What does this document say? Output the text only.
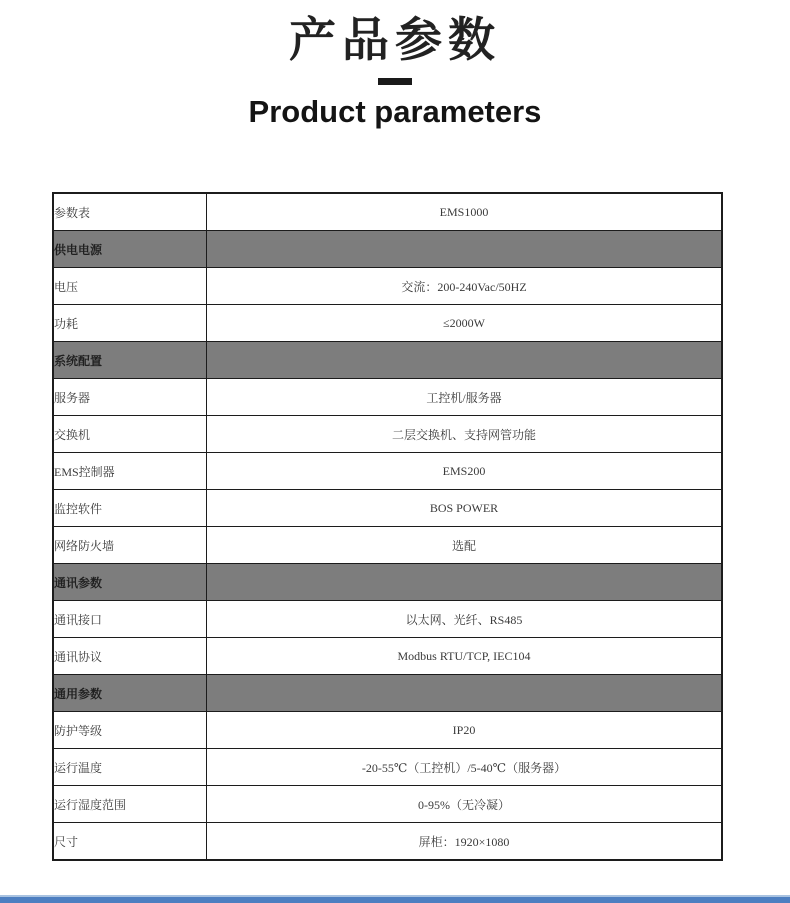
产品参数
Product parameters
参数表	EMS1000
供电电源	
电压	交流：200-240Vac/50HZ
功耗	≤2000W
系统配置	
服务器	工控机/服务器
交换机	二层交换机、支持网管功能
EMS控制器	EMS200
监控软件	BOS POWER
网络防火墙	选配
通讯参数	
通讯接口	以太网、光纤、RS485
通讯协议	Modbus RTU/TCP, IEC104
通用参数	
防护等级	IP20
运行温度	-20-55℃（工控机）/5-40℃（服务器）
运行湿度范围	0-95%（无冷凝）
尺寸	屏柜：1920×1080
